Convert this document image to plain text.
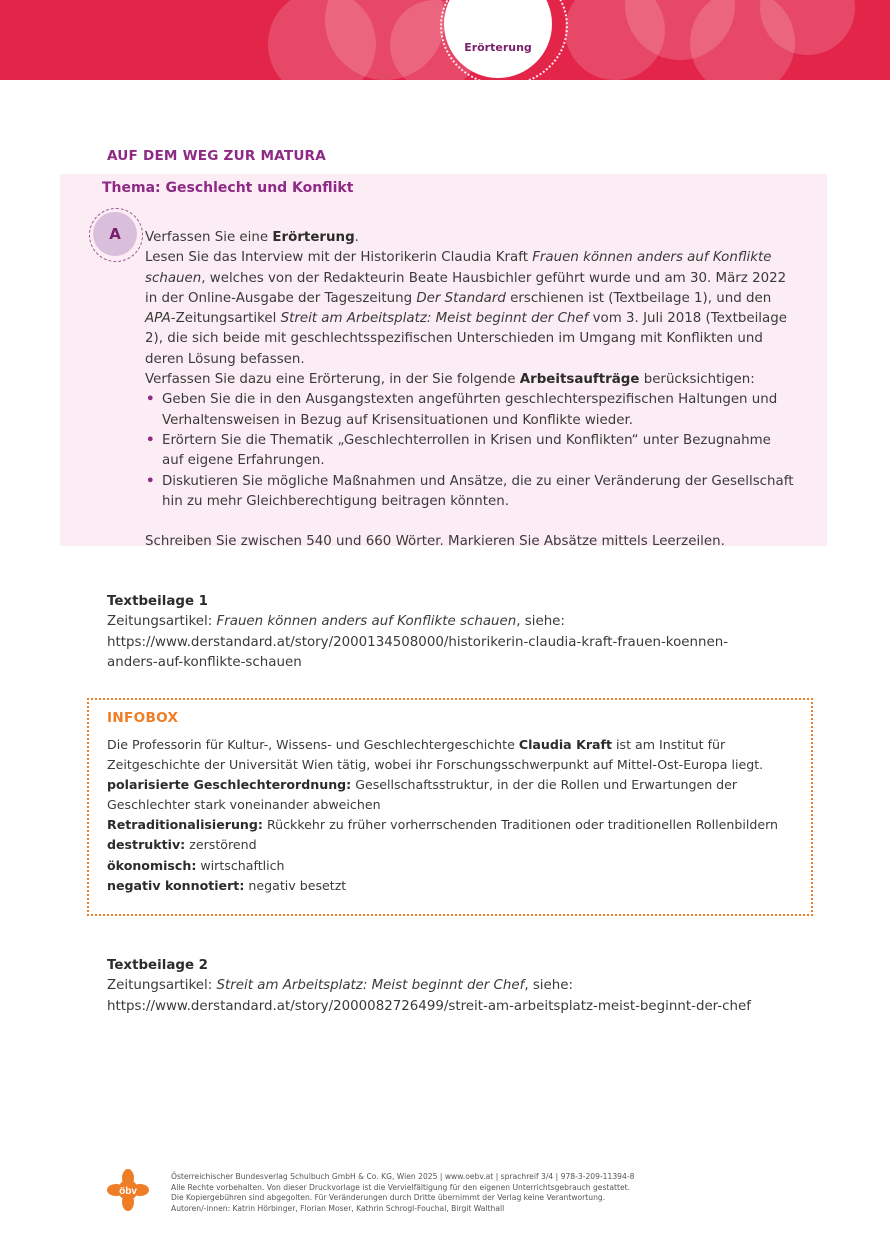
Erörterung
AUF DEM WEG ZUR MATURA
Thema: Geschlecht und Konflikt
A	Verfassen Sie eine Erörterung.
Lesen Sie das Interview mit der Historikerin Claudia Kraft Frauen können anders auf Konflikte schauen, welches von der Redakteurin Beate Hausbichler geführt wurde und am 30. März 2022 in der Online-Ausgabe der Tageszeitung Der Standard erschienen ist (Textbeilage 1), und den APA-Zeitungsartikel Streit am Arbeitsplatz: Meist beginnt der Chef vom 3. Juli 2018 (Textbeilage 2), die sich beide mit geschlechtsspezifischen Unterschieden im Umgang mit Konflikten und deren Lösung befassen.
Verfassen Sie dazu eine Erörterung, in der Sie folgende Arbeitsaufträge berücksichtigen:
• Geben Sie die in den Ausgangstexten angeführten geschlechterspezifischen Haltungen und Verhaltensweisen in Bezug auf Krisensituationen und Konflikte wieder.
• Erörtern Sie die Thematik „Geschlechterrollen in Krisen und Konflikten“ unter Bezugnahme auf eigene Erfahrungen.
• Diskutieren Sie mögliche Maßnahmen und Ansätze, die zu einer Veränderung der Gesellschaft hin zu mehr Gleichberechtigung beitragen könnten.
Schreiben Sie zwischen 540 und 660 Wörter. Markieren Sie Absätze mittels Leerzeilen.
Textbeilage 1
Zeitungsartikel: Frauen können anders auf Konflikte schauen, siehe:
https://www.derstandard.at/story/2000134508000/historikerin-claudia-kraft-frauen-koennen-anders-auf-konflikte-schauen
INFOBOX
Die Professorin für Kultur-, Wissens- und Geschlechtergeschichte Claudia Kraft ist am Institut für Zeitgeschichte der Universität Wien tätig, wobei ihr Forschungsschwerpunkt auf Mittel-Ost-Europa liegt.
polarisierte Geschlechterordnung: Gesellschaftsstruktur, in der die Rollen und Erwartungen der Geschlechter stark voneinander abweichen
Retraditionalisierung: Rückkehr zu früher vorherrschenden Traditionen oder traditionellen Rollenbildern
destruktiv: zerstörend
ökonomisch: wirtschaftlich
negativ konnotiert: negativ besetzt
Textbeilage 2
Zeitungsartikel: Streit am Arbeitsplatz: Meist beginnt der Chef, siehe:
https://www.derstandard.at/story/2000082726499/streit-am-arbeitsplatz-meist-beginnt-der-chef
öbv
Österreichischer Bundesverlag Schulbuch GmbH & Co. KG, Wien 2025 | www.oebv.at | sprachreif 3/4 | 978-3-209-11394-8
Alle Rechte vorbehalten. Von dieser Druckvorlage ist die Vervielfältigung für den eigenen Unterrichtsgebrauch gestattet.
Die Kopiergebühren sind abgegolten. Für Veränderungen durch Dritte übernimmt der Verlag keine Verantwortung.
Autoren/-innen: Katrin Hörbinger, Florian Moser, Kathrin Schrogl-Fouchal, Birgit Walthall
